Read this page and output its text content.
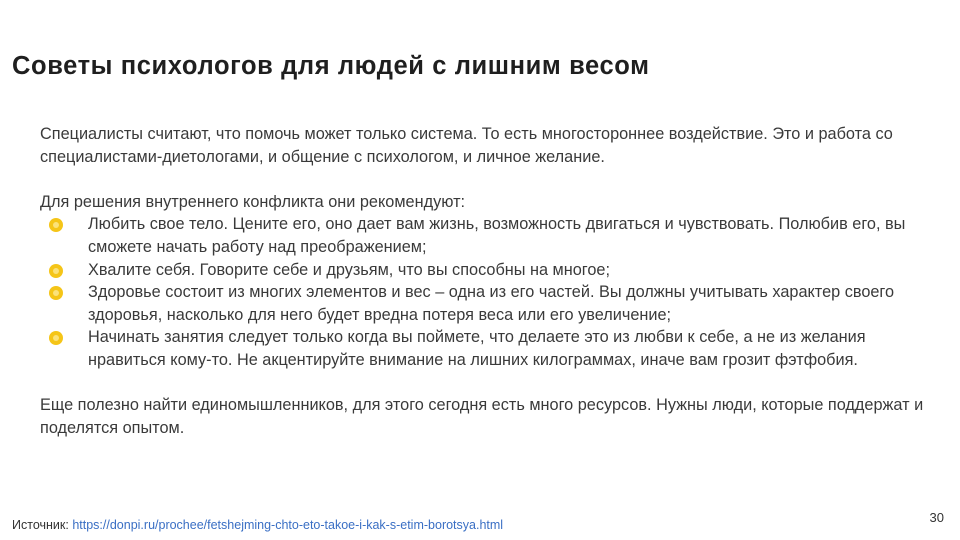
Советы психологов для людей с лишним весом

Специалисты считают, что помочь может только система. То есть многостороннее воздействие. Это и работа со специалистами-диетологами, и общение с психологом, и личное желание.

Для решения внутреннего конфликта они рекомендуют:

Любить свое тело. Цените его, оно дает вам жизнь, возможность двигаться и чувствовать. Полюбив его, вы сможете начать работу над преображением;
Хвалите себя. Говорите себе и друзьям, что вы способны на многое;
Здоровье состоит из многих элементов и вес – одна из его частей. Вы должны учитывать характер своего здоровья, насколько для него будет вредна потеря веса или его увеличение;
Начинать занятия следует только когда вы поймете, что делаете это из любви к себе, а не из желания нравиться кому-то. Не акцентируйте внимание на лишних килограммах, иначе вам грозит фэтфобия.

Еще полезно найти единомышленников, для этого сегодня есть много ресурсов. Нужны люди, которые поддержат и поделятся опытом.

Источник: https://donpi.ru/prochee/fetshejming-chto-eto-takoe-i-kak-s-etim-borotsya.html	30
